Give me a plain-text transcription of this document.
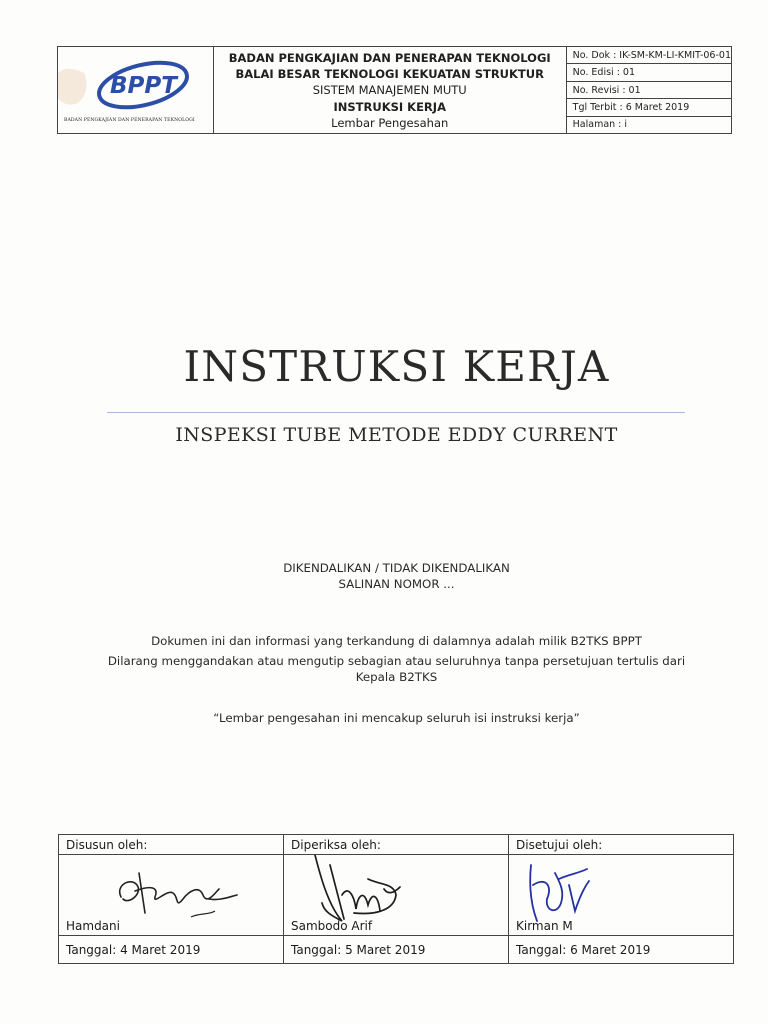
BPPT
BADAN PENGKAJIAN DAN PENERAPAN TEKNOLOGI
BADAN PENGKAJIAN DAN PENERAPAN TEKNOLOGI
BALAI BESAR TEKNOLOGI KEKUATAN STRUKTUR
SISTEM MANAJEMEN MUTU
INSTRUKSI KERJA
Lembar Pengesahan
No. Dok : IK-SM-KM-LI-KMIT-06-01
No. Edisi : 01
No. Revisi : 01
Tgl Terbit : 6 Maret 2019
Halaman : i
INSTRUKSI KERJA
INSPEKSI TUBE METODE EDDY CURRENT
DIKENDALIKAN / TIDAK DIKENDALIKAN
SALINAN NOMOR ...
Dokumen ini dan informasi yang terkandung di dalamnya adalah milik B2TKS BPPT
Dilarang menggandakan atau mengutip sebagian atau seluruhnya tanpa persetujuan tertulis dari
Kepala B2TKS
“Lembar pengesahan ini mencakup seluruh isi instruksi kerja”
Disusun oleh:
Hamdani
Tanggal: 4 Maret 2019
Diperiksa oleh:
Sambodo Arif
Tanggal: 5 Maret 2019
Disetujui oleh:
Kirman M
Tanggal: 6 Maret 2019
